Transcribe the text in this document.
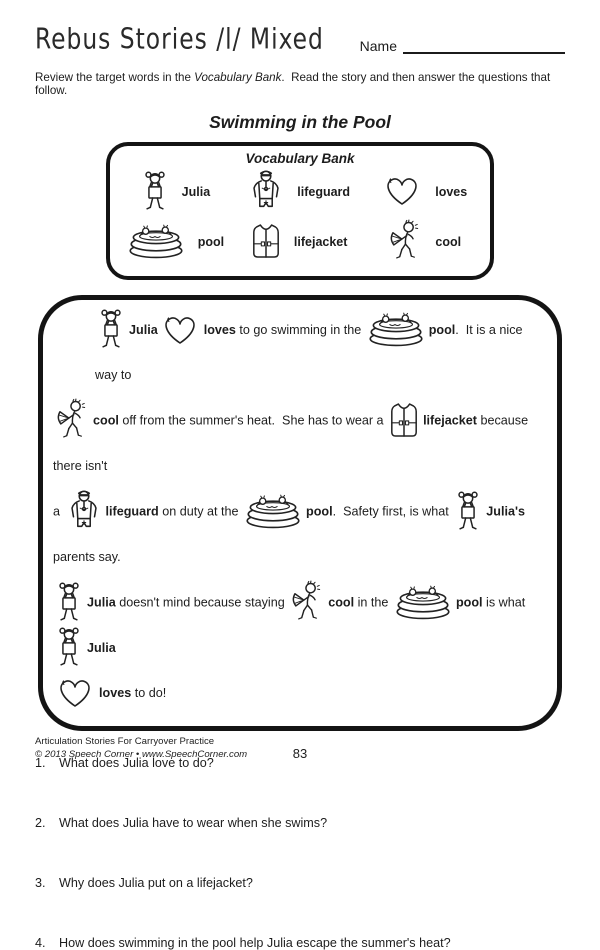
Rebus Stories /l/ Mixed	Name
Review the target words in the Vocabulary Bank.  Read the story and then answer the questions that follow.
Swimming in the Pool
Vocabulary Bank
Julia	lifeguard	loves
pool	lifejacket	cool
Julia	loves to go swimming in the	pool.  It is a nice way to
cool off from the summer's heat.  She has to wear a	lifejacket because there isn't
a	lifeguard on duty at the	pool.  Safety first, is what	Julia's parents say.
Julia doesn't mind because staying	cool in the	pool is what
Julia
loves to do!
1.	What does Julia love to do?
2.	What does Julia have to wear when she swims?
3.	Why does Julia put on a lifejacket?
4.	How does swimming in the pool help Julia escape the summer's heat?
Articulation Stories For Carryover Practice
© 2013 Speech Corner • www.SpeechCorner.com	83
